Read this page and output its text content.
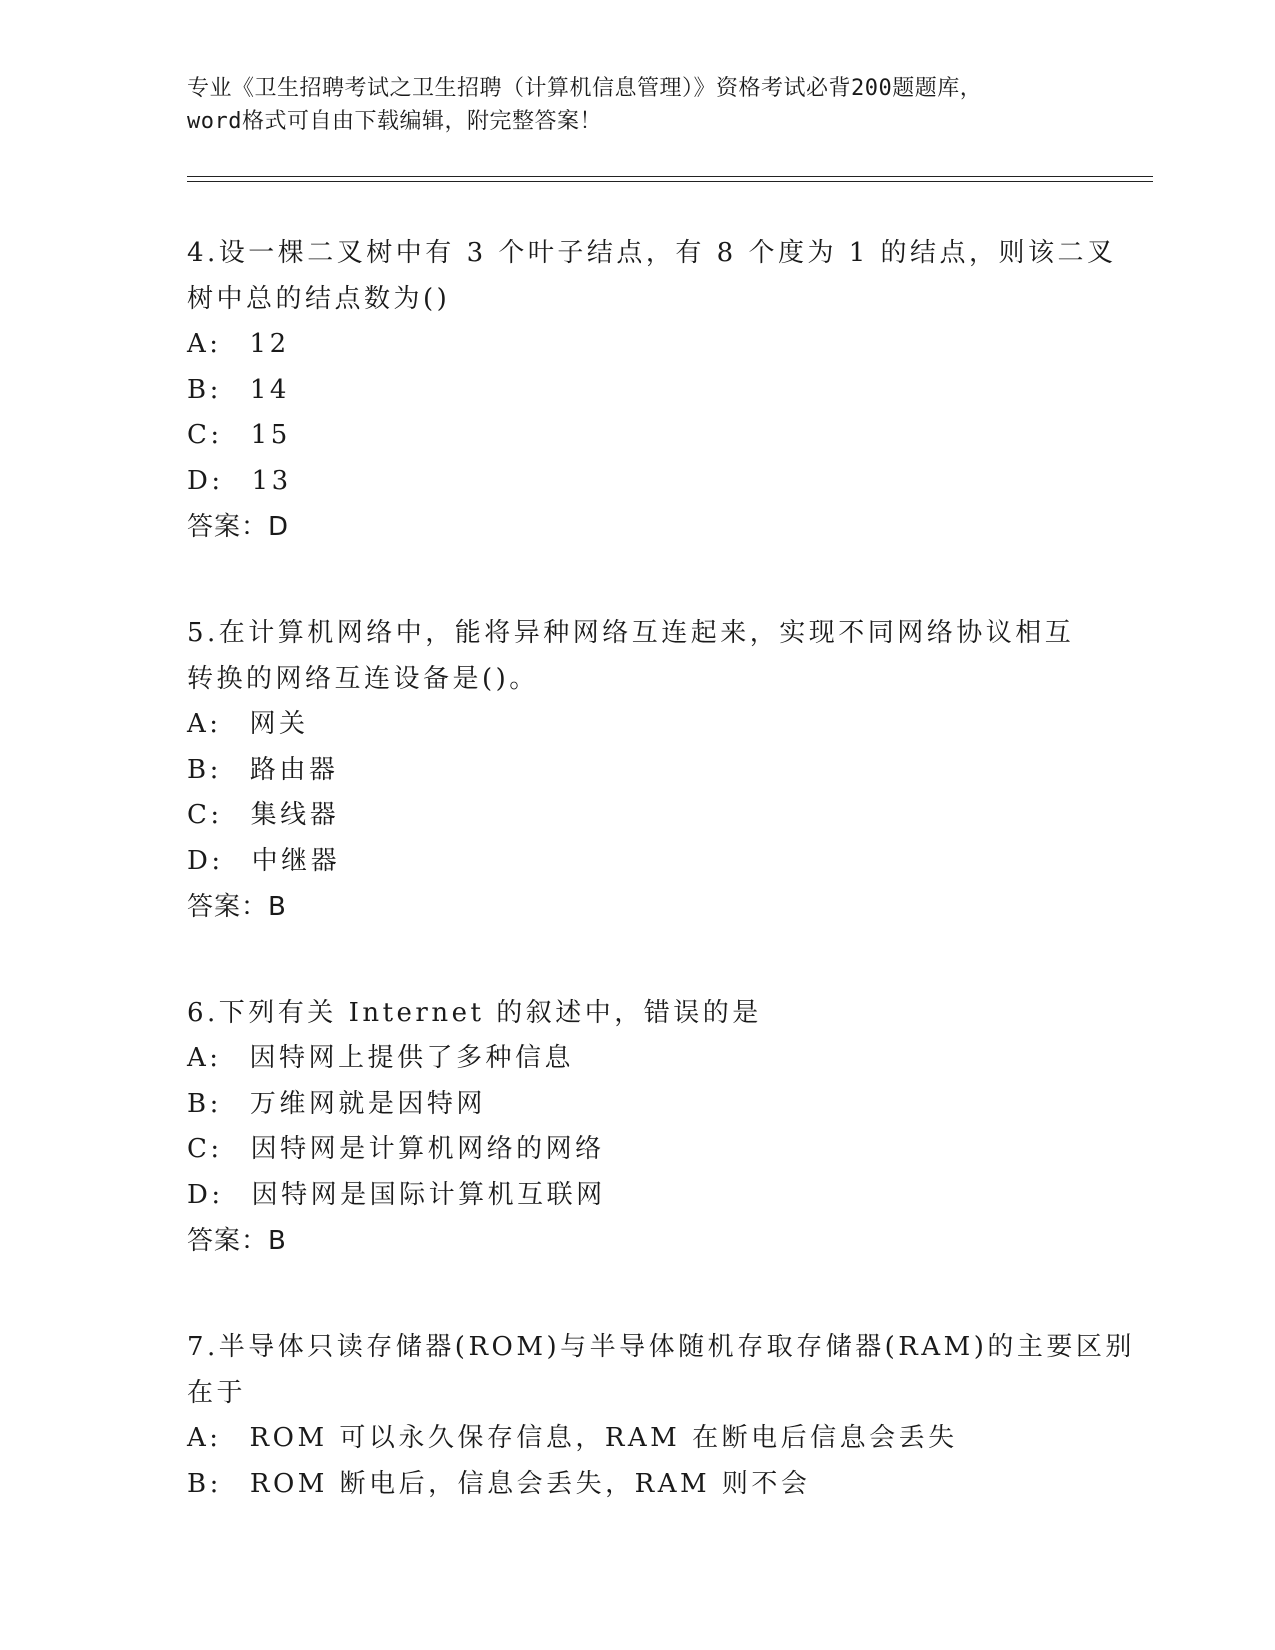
专业《卫生招聘考试之卫生招聘（计算机信息管理）》资格考试必背200题题库，
word格式可自由下载编辑，附完整答案！
4.设一棵二叉树中有 3 个叶子结点，有 8 个度为 1 的结点，则该二叉
树中总的结点数为()
A: 12
B: 14
C: 15
D: 13
答案：D
5.在计算机网络中，能将异种网络互连起来，实现不同网络协议相互
转换的网络互连设备是()。
A: 网关
B: 路由器
C: 集线器
D: 中继器
答案：B
6.下列有关 Internet 的叙述中，错误的是
A: 因特网上提供了多种信息
B: 万维网就是因特网
C: 因特网是计算机网络的网络
D: 因特网是国际计算机互联网
答案：B
7.半导体只读存储器(ROM)与半导体随机存取存储器(RAM)的主要区别
在于
A: ROM 可以永久保存信息，RAM 在断电后信息会丢失
B: ROM 断电后，信息会丢失，RAM 则不会
